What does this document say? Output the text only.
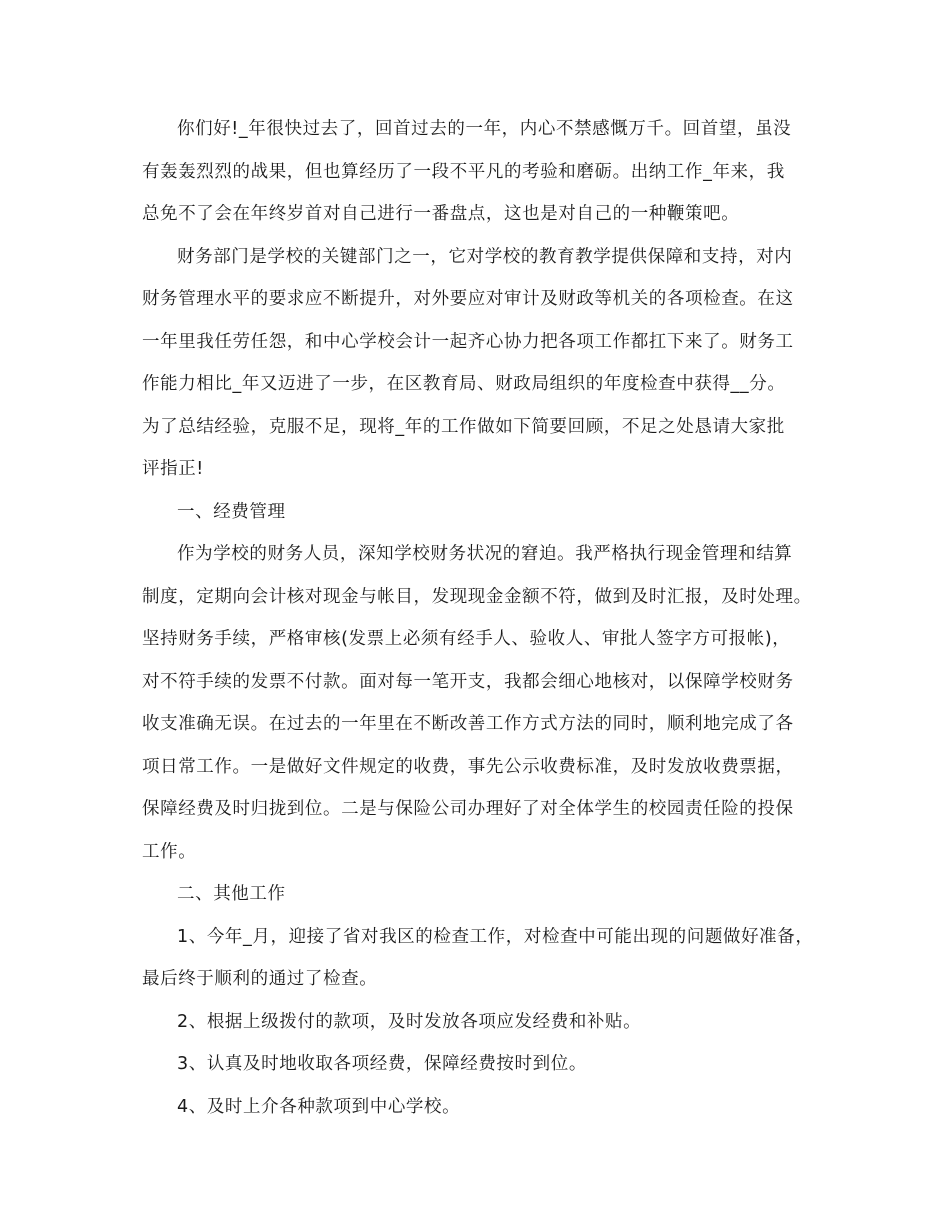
你们好!_年很快过去了，回首过去的一年，内心不禁感慨万千。回首望，虽没
有轰轰烈烈的战果，但也算经历了一段不平凡的考验和磨砺。出纳工作_年来，我
总免不了会在年终岁首对自己进行一番盘点，这也是对自己的一种鞭策吧。
财务部门是学校的关键部门之一，它对学校的教育教学提供保障和支持，对内
财务管理水平的要求应不断提升，对外要应对审计及财政等机关的各项检查。在这
一年里我任劳任怨，和中心学校会计一起齐心协力把各项工作都扛下来了。财务工
作能力相比_年又迈进了一步，在区教育局、财政局组织的年度检查中获得__分。
为了总结经验，克服不足，现将_年的工作做如下简要回顾，不足之处恳请大家批
评指正!
一、经费管理
作为学校的财务人员，深知学校财务状况的窘迫。我严格执行现金管理和结算
制度，定期向会计核对现金与帐目，发现现金金额不符，做到及时汇报，及时处理。
坚持财务手续，严格审核(发票上必须有经手人、验收人、审批人签字方可报帐)，
对不符手续的发票不付款。面对每一笔开支，我都会细心地核对，以保障学校财务
收支准确无误。在过去的一年里在不断改善工作方式方法的同时，顺利地完成了各
项日常工作。一是做好文件规定的收费，事先公示收费标准，及时发放收费票据，
保障经费及时归拢到位。二是与保险公司办理好了对全体学生的校园责任险的投保
工作。
二、其他工作
1、今年_月，迎接了省对我区的检查工作，对检查中可能出现的问题做好准备，
最后终于顺利的通过了检查。
2、根据上级拨付的款项，及时发放各项应发经费和补贴。
3、认真及时地收取各项经费，保障经费按时到位。
4、及时上介各种款项到中心学校。
